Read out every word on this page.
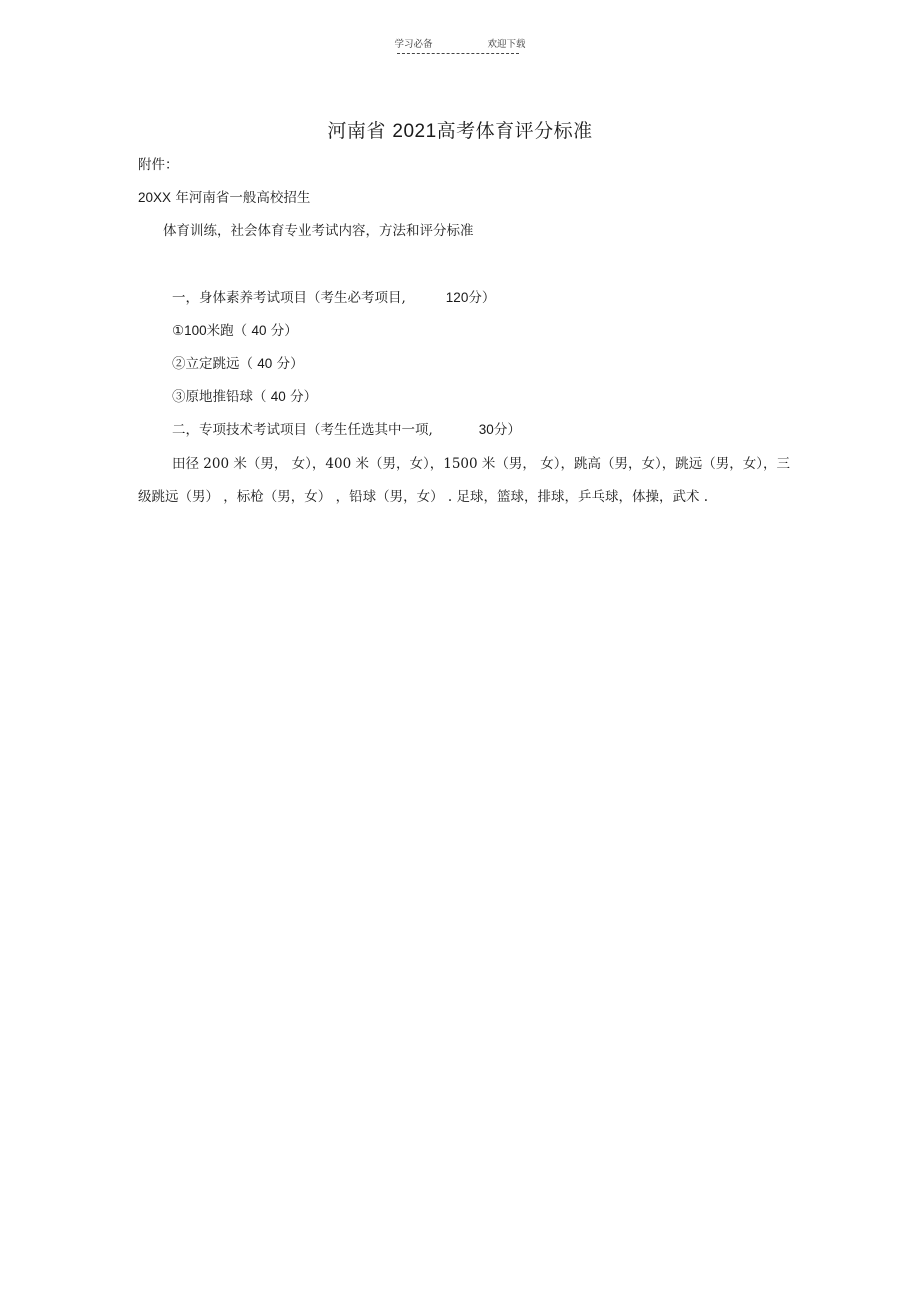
学习必备	欢迎下载
河南省 2021高考体育评分标准

附件：

20XX 年河南省一般高校招生

体育训练，社会体育专业考试内容，方法和评分标准

一，身体素养考试项目（考生必考项目,	120分）

①100米跑（ 40 分）

②立定跳远（ 40 分）

③原地推铅球（ 40 分）

二，专项技术考试项目（考生任选其中一项,	30分）

田径 200 米（男， 女），400 米（男，女），1500 米（男， 女），跳高（男，女），跳远（男，女），三级跳远（男） ，标枪（男，女） ，铅球（男，女） . 足球，篮球，排球，乒乓球，体操，武术 .
